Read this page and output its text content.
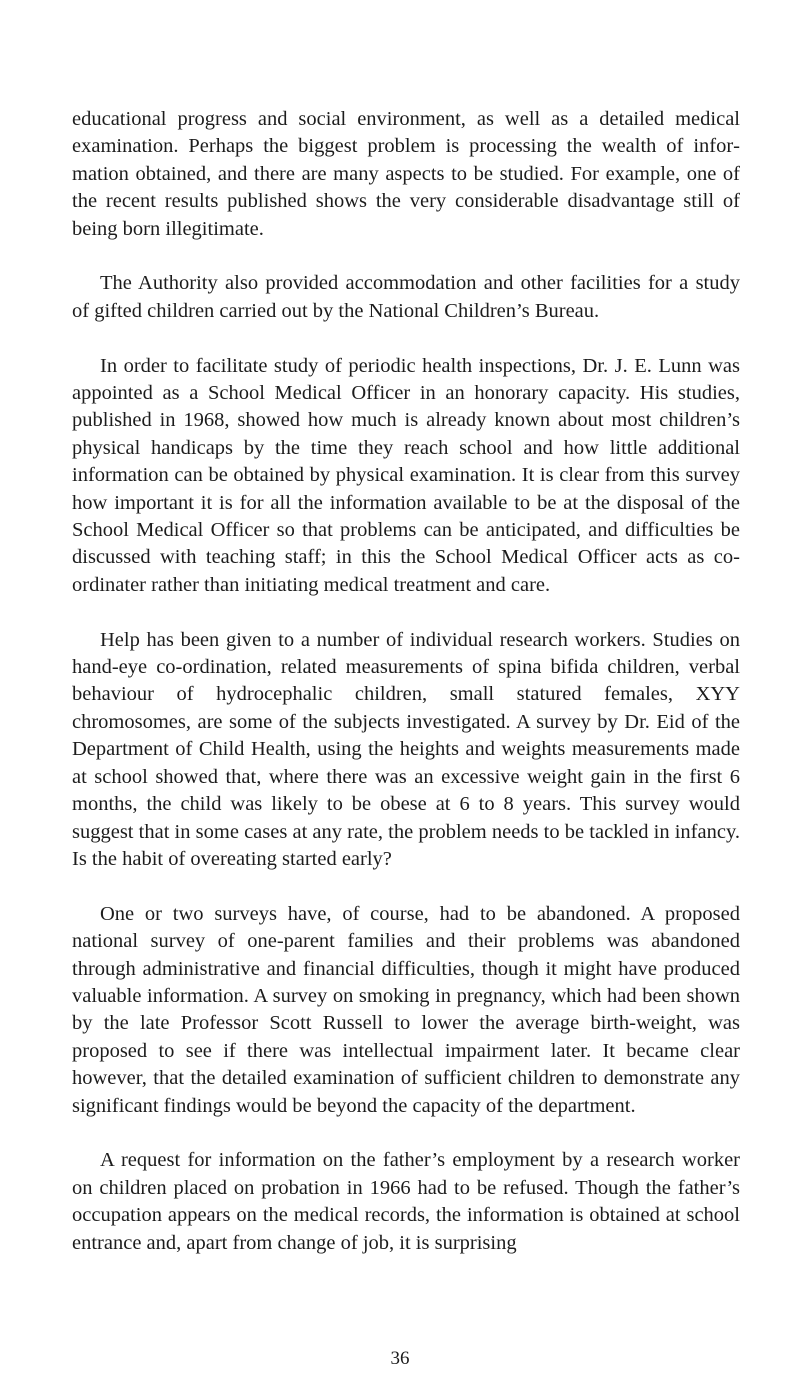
educational progress and social environment, as well as a detailed medical examination. Perhaps the biggest problem is processing the wealth of information obtained, and there are many aspects to be studied. For example, one of the recent results published shows the very considerable disadvantage still of being born illegitimate.

The Authority also provided accommodation and other facilities for a study of gifted children carried out by the National Children’s Bureau.

In order to facilitate study of periodic health inspections, Dr. J. E. Lunn was appointed as a School Medical Officer in an honorary capacity. His studies, published in 1968, showed how much is already known about most children’s physical handicaps by the time they reach school and how little additional information can be obtained by physical examination. It is clear from this survey how important it is for all the information available to be at the disposal of the School Medical Officer so that problems can be anticipated, and difficulties be discussed with teaching staff; in this the School Medical Officer acts as co-ordinater rather than initiating medical treatment and care.

Help has been given to a number of individual research workers. Studies on hand-eye co-ordination, related measurements of spina bifida children, verbal behaviour of hydrocephalic children, small statured females, XYY chromosomes, are some of the subjects investigated. A survey by Dr. Eid of the Department of Child Health, using the heights and weights measurements made at school showed that, where there was an excessive weight gain in the first 6 months, the child was likely to be obese at 6 to 8 years. This survey would suggest that in some cases at any rate, the problem needs to be tackled in infancy. Is the habit of overeating started early?

One or two surveys have, of course, had to be abandoned. A proposed national survey of one-parent families and their problems was abandoned through administrative and financial difficulties, though it might have produced valuable information. A survey on smoking in pregnancy, which had been shown by the late Professor Scott Russell to lower the average birth-weight, was proposed to see if there was intellectual impairment later. It became clear however, that the detailed examination of sufficient children to demonstrate any significant findings would be beyond the capacity of the department.

A request for information on the father’s employment by a research worker on children placed on probation in 1966 had to be refused. Though the father’s occupation appears on the medical records, the information is obtained at school entrance and, apart from change of job, it is surprising

36
